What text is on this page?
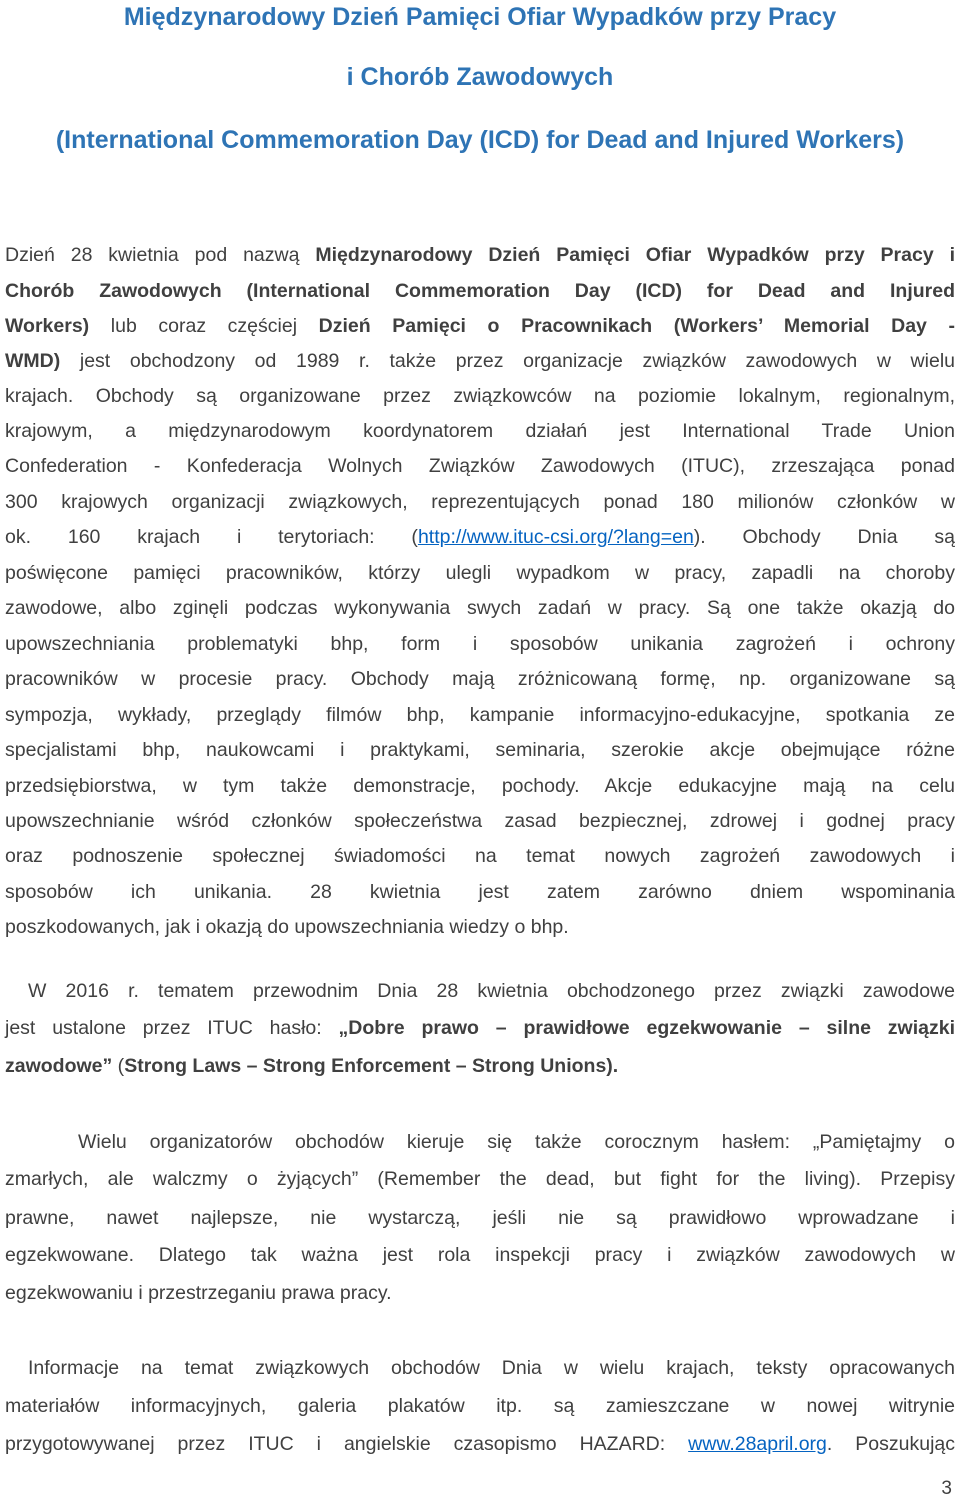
Międzynarodowy Dzień Pamięci Ofiar Wypadków przy Pracy
i Chorób Zawodowych
(International Commemoration Day (ICD) for Dead and Injured Workers)
Dzień 28 kwietnia pod nazwą Międzynarodowy Dzień Pamięci Ofiar Wypadków przy Pracy i
Chorób Zawodowych (International Commemoration Day (ICD) for Dead and Injured
Workers) lub coraz częściej Dzień Pamięci o Pracownikach (Workers’ Memorial Day -
WMD) jest obchodzony od 1989 r. także przez organizacje związków zawodowych w wielu
krajach. Obchody są organizowane przez związkowców na poziomie lokalnym, regionalnym,
krajowym, a międzynarodowym koordynatorem działań jest International Trade Union
Confederation - Konfederacja Wolnych Związków Zawodowych (ITUC), zrzeszająca ponad
300 krajowych organizacji związkowych, reprezentujących ponad 180 milionów członków w
ok. 160 krajach i terytoriach: (http://www.ituc-csi.org/?lang=en). Obchody Dnia są
poświęcone pamięci pracowników, którzy ulegli wypadkom w pracy, zapadli na choroby
zawodowe, albo zginęli podczas wykonywania swych zadań w pracy. Są one także okazją do
upowszechniania problematyki bhp, form i sposobów unikania zagrożeń i ochrony
pracowników w procesie pracy. Obchody mają zróżnicowaną formę, np. organizowane są
sympozja, wykłady, przeglądy filmów bhp, kampanie informacyjno-edukacyjne, spotkania ze
specjalistami bhp, naukowcami i praktykami, seminaria, szerokie akcje obejmujące różne
przedsiębiorstwa, w tym także demonstracje, pochody. Akcje edukacyjne mają na celu
upowszechnianie wśród członków społeczeństwa zasad bezpiecznej, zdrowej i godnej pracy
oraz podnoszenie społecznej świadomości na temat nowych zagrożeń zawodowych i
sposobów ich unikania. 28 kwietnia jest zatem zarówno dniem wspominania
poszkodowanych, jak i okazją do upowszechniania wiedzy o bhp.
W 2016 r. tematem przewodnim Dnia 28 kwietnia obchodzonego przez związki zawodowe
jest ustalone przez ITUC hasło: „Dobre prawo – prawidłowe egzekwowanie – silne związki
zawodowe” (Strong Laws – Strong Enforcement – Strong Unions).
Wielu organizatorów obchodów kieruje się także corocznym hasłem: „Pamiętajmy o
zmarłych, ale walczmy o żyjących” (Remember the dead, but fight for the living). Przepisy
prawne, nawet najlepsze, nie wystarczą, jeśli nie są prawidłowo wprowadzane i
egzekwowane. Dlatego tak ważna jest rola inspekcji pracy i związków zawodowych w
egzekwowaniu i przestrzeganiu prawa pracy.
Informacje na temat związkowych obchodów Dnia w wielu krajach, teksty opracowanych
materiałów informacyjnych, galeria plakatów itp. są zamieszczane w nowej witrynie
przygotowywanej przez ITUC i angielskie czasopismo HAZARD: www.28april.org. Poszukując
3
